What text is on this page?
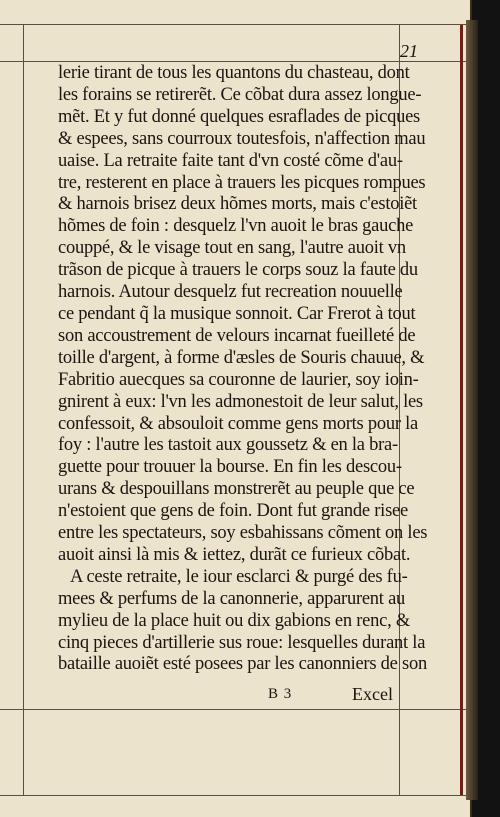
21
lerie tirant de tous les quantons du chasteau, dont
les forains se retirerẽt. Ce cõbat dura assez longue-
mẽt. Et y fut donné quelques esraflades de picques
& espees, sans courroux toutesfois, n'affection mau
uaise. La retraite faite tant d'vn costé cõme d'au-
tre, resterent en place à trauers les picques rompues
& harnois brisez deux hõmes morts, mais c'estoiẽt
hõmes de foin : desquelz l'vn auoit le bras gauche
couppé, & le visage tout en sang, l'autre auoit vn
trãson de picque à trauers le corps souz la faute du
harnois. Autour desquelz fut recreation nouuelle
ce pendant q̃ la musique sonnoit. Car Frerot à tout
son accoustrement de velours incarnat fueilleté de
toille d'argent, à forme d'æsles de Souris chauue, &
Fabritio auecques sa couronne de laurier, soy ioin-
gnirent à eux: l'vn les admonestoit de leur salut, les
confessoit, & absouloit comme gens morts pour la
foy : l'autre les tastoit aux goussetz & en la bra-
guette pour trouuer la bourse. En fin les descou-
urans & despouillans monstrerẽt au peuple que ce
n'estoient que gens de foin. Dont fut grande risee
entre les spectateurs, soy esbahissans cõment on les
auoit ainsi là mis & iettez, durãt ce furieux cõbat.
A ceste retraite, le iour esclarci & purgé des fu-
mees & perfums de la canonnerie, apparurent au
mylieu de la place huit ou dix gabions en renc, &
cinq pieces d'artillerie sus roue: lesquelles durant la
bataille auoiẽt esté posees par les canonniers de son
B 3	Excel
